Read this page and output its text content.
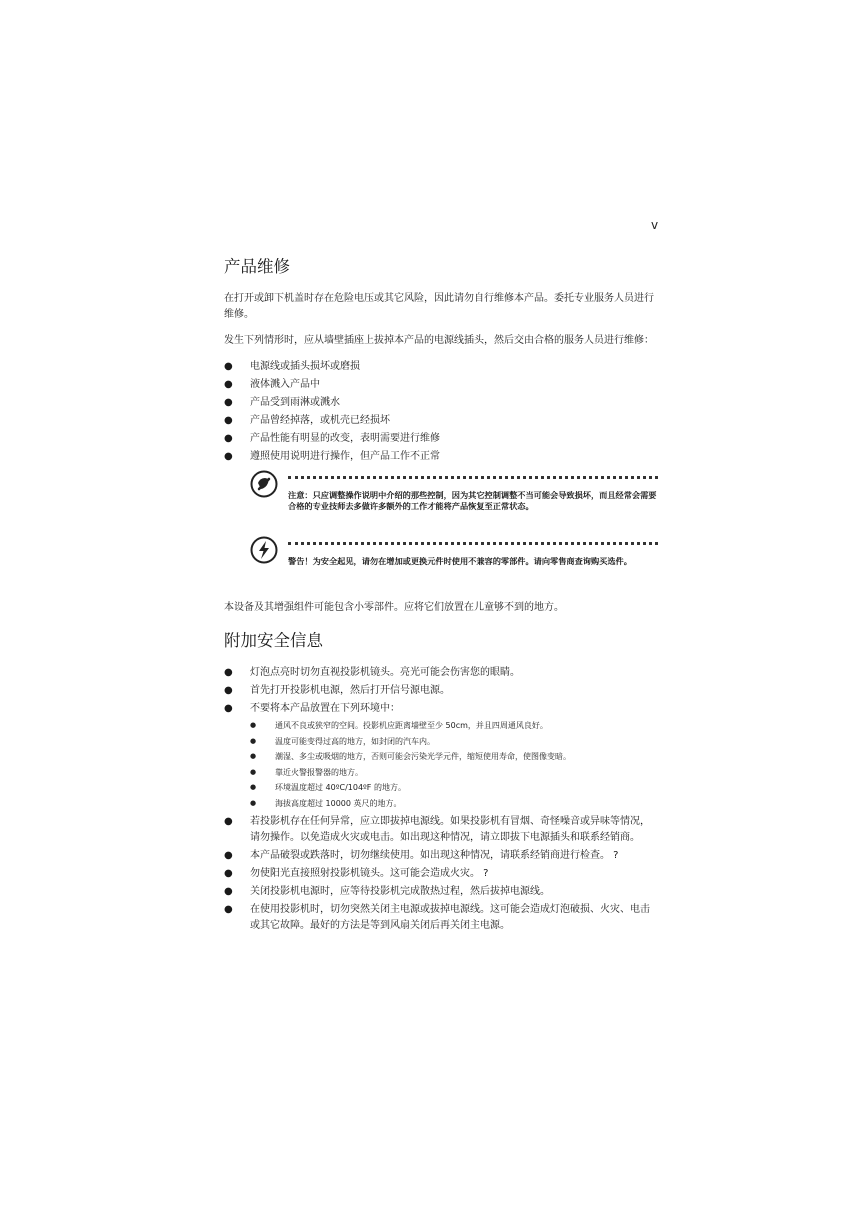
v
产品维修

在打开或卸下机盖时存在危险电压或其它风险，因此请勿自行维修本产品。委托专业服务人员进行维修。

发生下列情形时，应从墙壁插座上拔掉本产品的电源线插头，然后交由合格的服务人员进行维修：

● 电源线或插头损坏或磨损
● 液体溅入产品中
● 产品受到雨淋或溅水
● 产品曾经掉落，或机壳已经损坏
● 产品性能有明显的改变，表明需要进行维修
● 遵照使用说明进行操作，但产品工作不正常
注意：只应调整操作说明中介绍的那些控制，因为其它控制调整不当可能会导致损坏，而且经常会需要合格的专业技师去多做许多额外的工作才能将产品恢复至正常状态。
警告！为安全起见，请勿在增加或更换元件时使用不兼容的零部件。请向零售商查询购买选件。

本设备及其增强组件可能包含小零部件。应将它们放置在儿童够不到的地方。

附加安全信息
● 灯泡点亮时切勿直视投影机镜头。亮光可能会伤害您的眼睛。
● 首先打开投影机电源，然后打开信号源电源。
● 不要将本产品放置在下列环境中：
● 通风不良或狭窄的空间。投影机应距离墙壁至少 50cm，并且四周通风良好。
● 温度可能变得过高的地方，如封闭的汽车内。
● 潮湿、多尘或吸烟的地方，否则可能会污染光学元件，缩短使用寿命，使图像变暗。
● 靠近火警报警器的地方。
● 环境温度超过 40ºC/104ºF 的地方。
● 海拔高度超过 10000 英尺的地方。
● 若投影机存在任何异常，应立即拔掉电源线。如果投影机有冒烟、奇怪噪音或异味等情况，请勿操作。以免造成火灾或电击。如出现这种情况，请立即拔下电源插头和联系经销商。
● 本产品破裂或跌落时，切勿继续使用。如出现这种情况，请联系经销商进行检查。 ?
● 勿使阳光直接照射投影机镜头。这可能会造成火灾。 ?
● 关闭投影机电源时，应等待投影机完成散热过程，然后拔掉电源线。
● 在使用投影机时，切勿突然关闭主电源或拔掉电源线。这可能会造成灯泡破损、火灾、电击或其它故障。最好的方法是等到风扇关闭后再关闭主电源。
